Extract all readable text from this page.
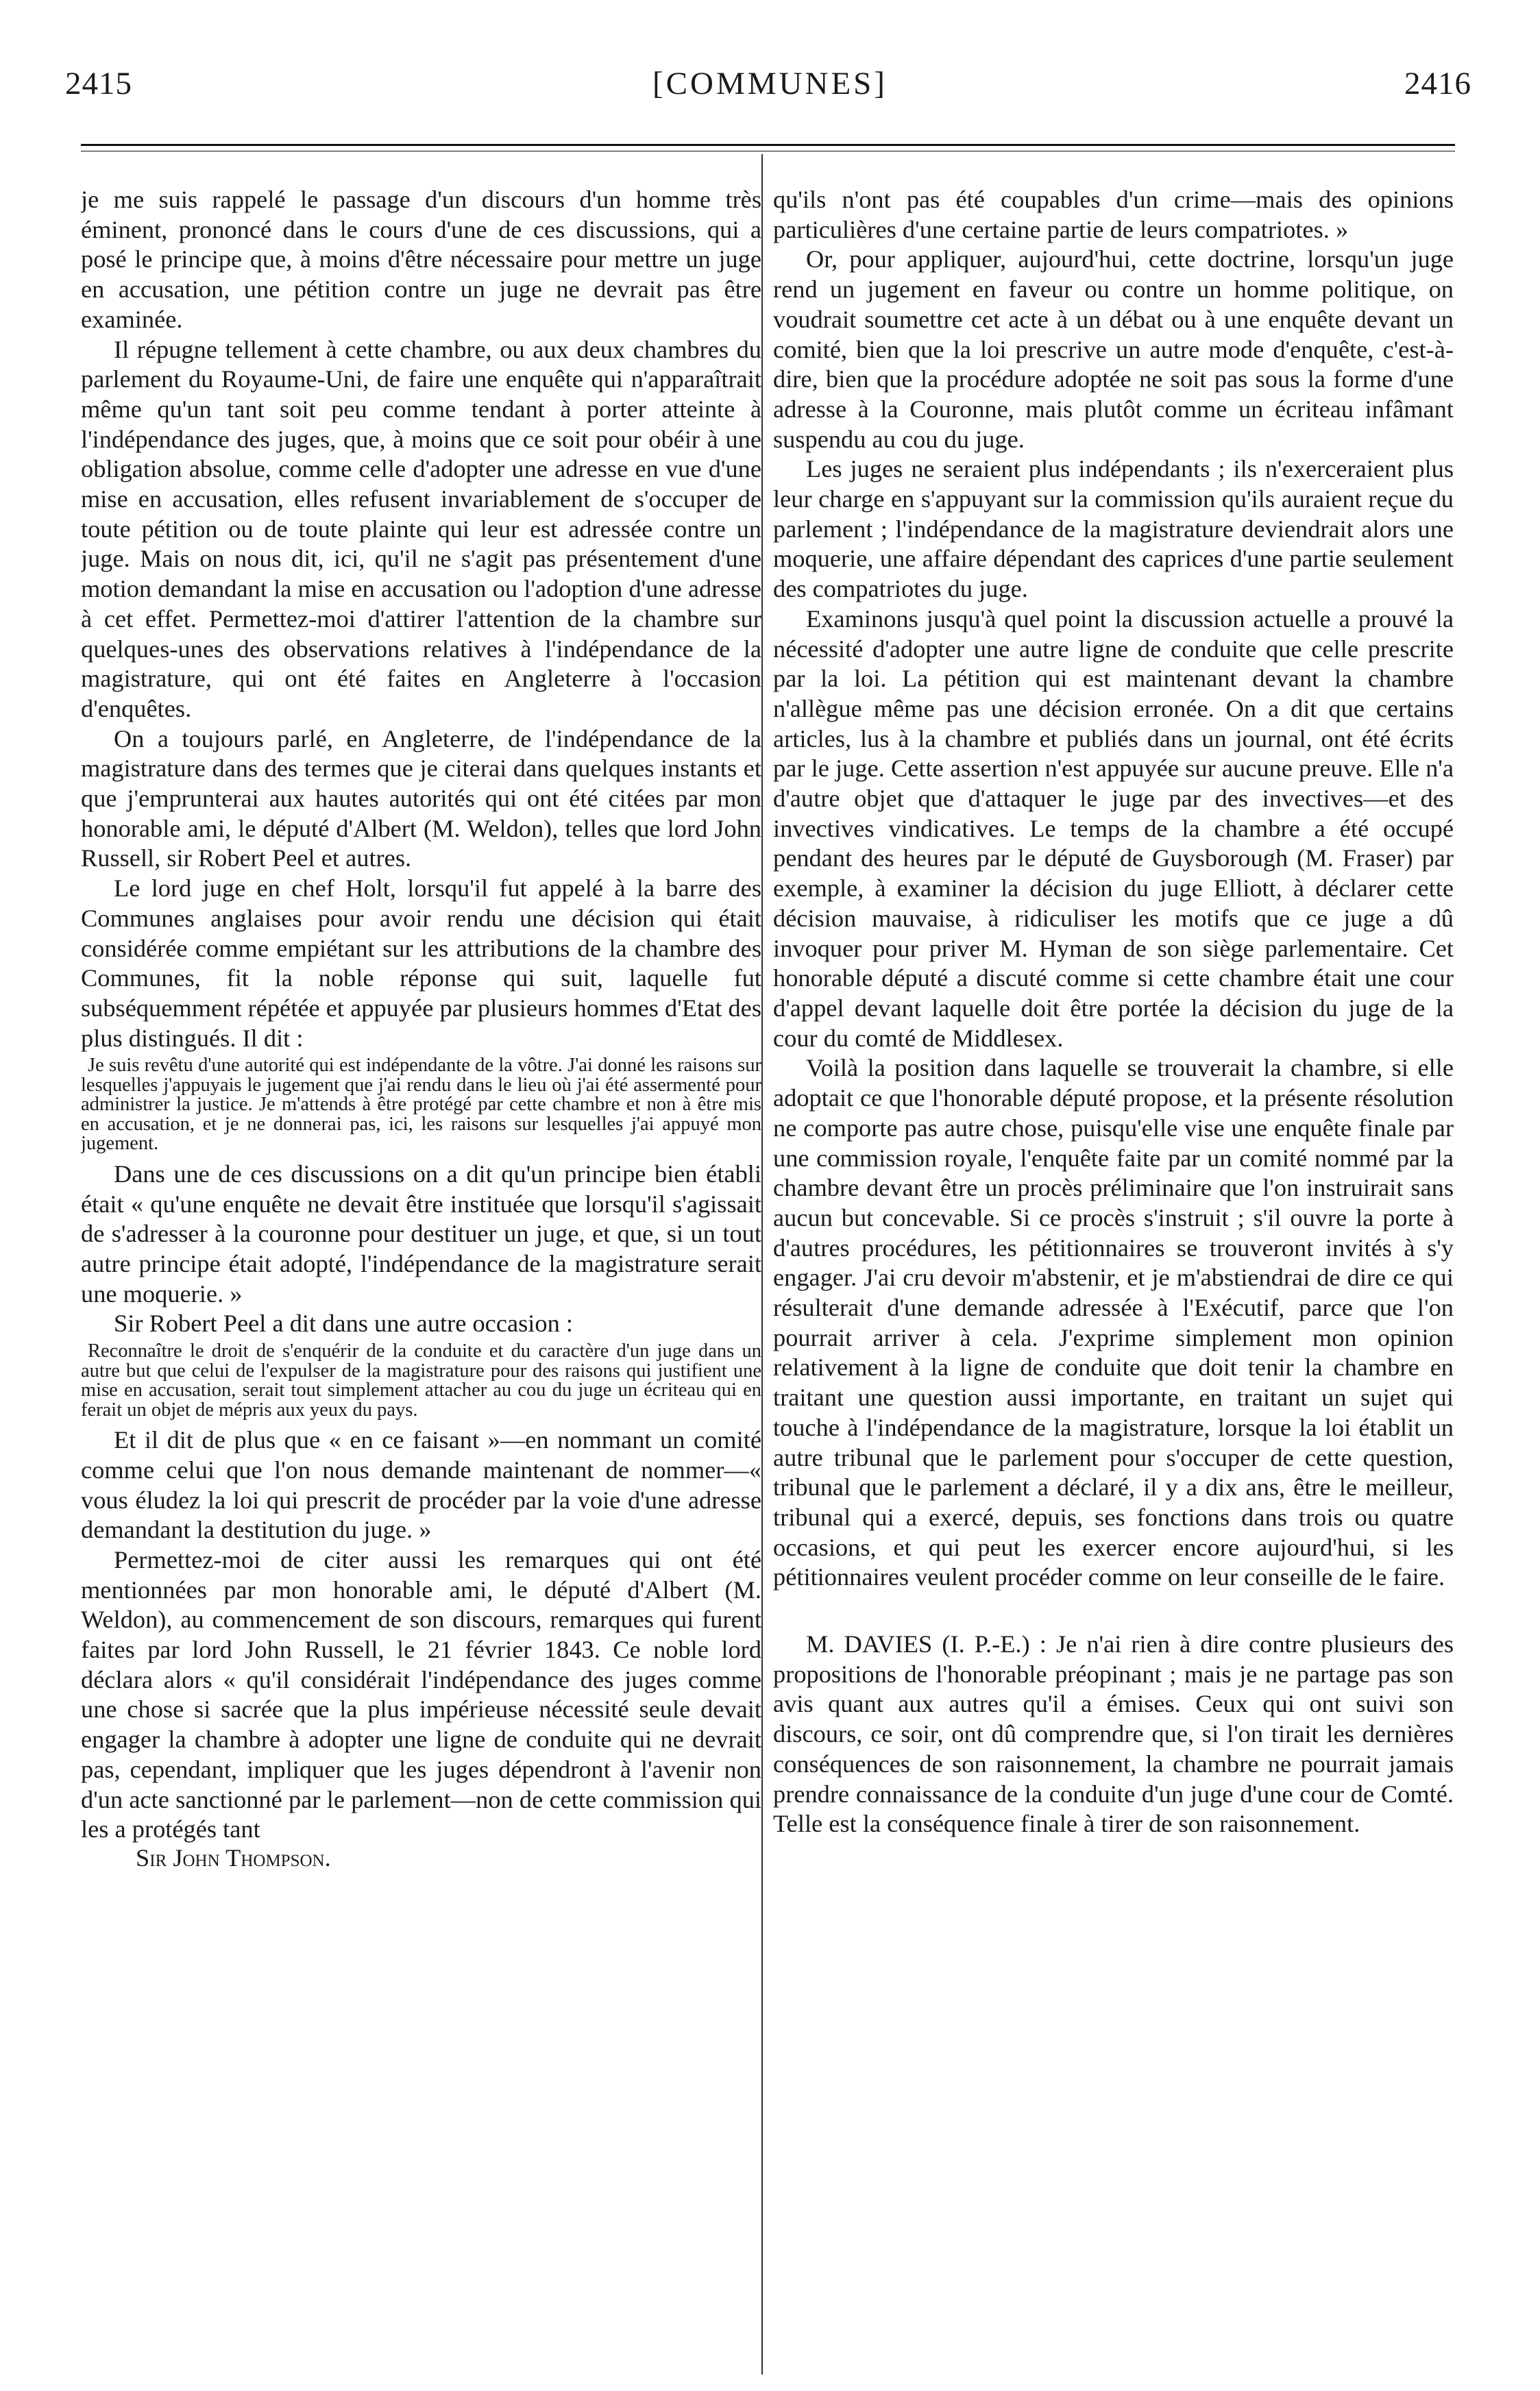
2415	[COMMUNES]	2416

je me suis rappelé le passage d'un discours d'un homme très éminent, prononcé dans le cours d'une de ces discussions, qui a posé le principe que, à moins d'être nécessaire pour mettre un juge en accusation, une pétition contre un juge ne devrait pas être examinée.

Il répugne tellement à cette chambre, ou aux deux chambres du parlement du Royaume-Uni, de faire une enquête qui n'apparaîtrait même qu'un tant soit peu comme tendant à porter atteinte à l'indépendance des juges, que, à moins que ce soit pour obéir à une obligation absolue, comme celle d'adopter une adresse en vue d'une mise en accusation, elles refusent invariablement de s'occuper de toute pétition ou de toute plainte qui leur est adressée contre un juge. Mais on nous dit, ici, qu'il ne s'agit pas présentement d'une motion demandant la mise en accusation ou l'adoption d'une adresse à cet effet. Permettez-moi d'attirer l'attention de la chambre sur quelques-unes des observations relatives à l'indépendance de la magistrature, qui ont été faites en Angleterre à l'occasion d'enquêtes.

On a toujours parlé, en Angleterre, de l'indépendance de la magistrature dans des termes que je citerai dans quelques instants et que j'emprunterai aux hautes autorités qui ont été citées par mon honorable ami, le député d'Albert (M. Weldon), telles que lord John Russell, sir Robert Peel et autres.

Le lord juge en chef Holt, lorsqu'il fut appelé à la barre des Communes anglaises pour avoir rendu une décision qui était considérée comme empiétant sur les attributions de la chambre des Communes, fit la noble réponse qui suit, laquelle fut subséquemment répétée et appuyée par plusieurs hommes d'Etat des plus distingués. Il dit :

Je suis revêtu d'une autorité qui est indépendante de la vôtre. J'ai donné les raisons sur lesquelles j'appuyais le jugement que j'ai rendu dans le lieu où j'ai été assermenté pour administrer la justice. Je m'attends à être protégé par cette chambre et non à être mis en accusation, et je ne donnerai pas, ici, les raisons sur lesquelles j'ai appuyé mon jugement.

Dans une de ces discussions on a dit qu'un principe bien établi était « qu'une enquête ne devait être instituée que lorsqu'il s'agissait de s'adresser à la couronne pour destituer un juge, et que, si un tout autre principe était adopté, l'indépendance de la magistrature serait une moquerie. »

Sir Robert Peel a dit dans une autre occasion :

Reconnaître le droit de s'enquérir de la conduite et du caractère d'un juge dans un autre but que celui de l'expulser de la magistrature pour des raisons qui justifient une mise en accusation, serait tout simplement attacher au cou du juge un écriteau qui en ferait un objet de mépris aux yeux du pays.

Et il dit de plus que « en ce faisant »—en nommant un comité comme celui que l'on nous demande maintenant de nommer—« vous éludez la loi qui prescrit de procéder par la voie d'une adresse demandant la destitution du juge. »

Permettez-moi de citer aussi les remarques qui ont été mentionnées par mon honorable ami, le député d'Albert (M. Weldon), au commencement de son discours, remarques qui furent faites par lord John Russell, le 21 février 1843. Ce noble lord déclara alors « qu'il considérait l'indépendance des juges comme une chose si sacrée que la plus impérieuse nécessité seule devait engager la chambre à adopter une ligne de conduite qui ne devrait pas, cependant, impliquer que les juges dépendront à l'avenir non d'un acte sanctionné par le parlement—non de cette commission qui les a protégés tant

Sir John Thompson.

qu'ils n'ont pas été coupables d'un crime—mais des opinions particulières d'une certaine partie de leurs compatriotes. »

Or, pour appliquer, aujourd'hui, cette doctrine, lorsqu'un juge rend un jugement en faveur ou contre un homme politique, on voudrait soumettre cet acte à un débat ou à une enquête devant un comité, bien que la loi prescrive un autre mode d'enquête, c'est-à-dire, bien que la procédure adoptée ne soit pas sous la forme d'une adresse à la Couronne, mais plutôt comme un écriteau infâmant suspendu au cou du juge.

Les juges ne seraient plus indépendants ; ils n'exerceraient plus leur charge en s'appuyant sur la commission qu'ils auraient reçue du parlement ; l'indépendance de la magistrature deviendrait alors une moquerie, une affaire dépendant des caprices d'une partie seulement des compatriotes du juge.

Examinons jusqu'à quel point la discussion actuelle a prouvé la nécessité d'adopter une autre ligne de conduite que celle prescrite par la loi. La pétition qui est maintenant devant la chambre n'allègue même pas une décision erronée. On a dit que certains articles, lus à la chambre et publiés dans un journal, ont été écrits par le juge. Cette assertion n'est appuyée sur aucune preuve. Elle n'a d'autre objet que d'attaquer le juge par des invectives—et des invectives vindicatives. Le temps de la chambre a été occupé pendant des heures par le député de Guysborough (M. Fraser) par exemple, à examiner la décision du juge Elliott, à déclarer cette décision mauvaise, à ridiculiser les motifs que ce juge a dû invoquer pour priver M. Hyman de son siège parlementaire. Cet honorable député a discuté comme si cette chambre était une cour d'appel devant laquelle doit être portée la décision du juge de la cour du comté de Middlesex.

Voilà la position dans laquelle se trouverait la chambre, si elle adoptait ce que l'honorable député propose, et la présente résolution ne comporte pas autre chose, puisqu'elle vise une enquête finale par une commission royale, l'enquête faite par un comité nommé par la chambre devant être un procès préliminaire que l'on instruirait sans aucun but concevable. Si ce procès s'instruit ; s'il ouvre la porte à d'autres procédures, les pétitionnaires se trouveront invités à s'y engager. J'ai cru devoir m'abstenir, et je m'abstiendrai de dire ce qui résulterait d'une demande adressée à l'Exécutif, parce que l'on pourrait arriver à cela. J'exprime simplement mon opinion relativement à la ligne de conduite que doit tenir la chambre en traitant une question aussi importante, en traitant un sujet qui touche à l'indépendance de la magistrature, lorsque la loi établit un autre tribunal que le parlement pour s'occuper de cette question, tribunal que le parlement a déclaré, il y a dix ans, être le meilleur, tribunal qui a exercé, depuis, ses fonctions dans trois ou quatre occasions, et qui peut les exercer encore aujourd'hui, si les pétitionnaires veulent procéder comme on leur conseille de le faire.

M. DAVIES (I. P.-E.) : Je n'ai rien à dire contre plusieurs des propositions de l'honorable préopinant ; mais je ne partage pas son avis quant aux autres qu'il a émises. Ceux qui ont suivi son discours, ce soir, ont dû comprendre que, si l'on tirait les dernières conséquences de son raisonnement, la chambre ne pourrait jamais prendre connaissance de la conduite d'un juge d'une cour de Comté. Telle est la conséquence finale à tirer de son raisonnement.
